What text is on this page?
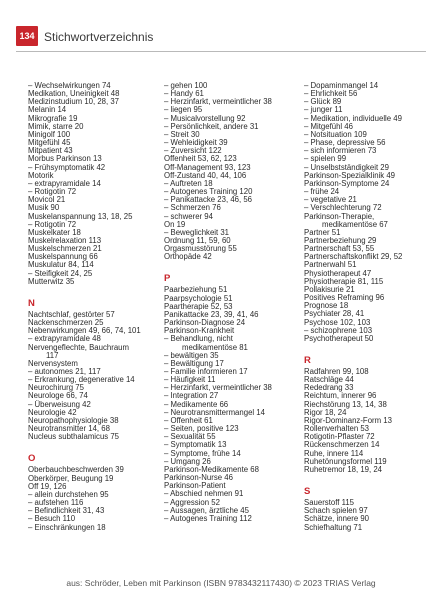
134 Stichwortverzeichnis
– Wechselwirkungen 74
Medikation, Uneinigkeit 48
Medizinstudium 10, 28, 37
Melanin 14
Mikrografie 19
Mimik, starre 20
Minigolf 100
Mitgefühl 45
Mitpatient 43
Morbus Parkinson 13
– Frühsymptomatik 42
Motorik
– extrapyramidale 14
– Rotigotin 72
Movicol 21
Musik 90
Muskelanspannung 13, 18, 25
– Rotigotin 72
Muskelkater 18
Muskelrelaxation 113
Muskelschmerzen 21
Muskelspannung 66
Muskulatur 84, 114
– Steifigkeit 24, 25
Mutterwitz 35
N
Nachtschlaf, gestörter 57
Nackenschmerzen 25
Nebenwirkungen 49, 66, 74, 101
– extrapyramidale 48
Nervengeflechte, Bauchraum
117
Nervensystem
– autonomes 21, 117
– Erkrankung, degenerative 14
Neurochirurg 75
Neurologe 66, 74
– Überweisung 42
Neurologie 42
Neuropathophysiologie 38
Neurotransmitter 14, 68
Nucleus subthalamicus 75
O
Oberbauchbeschwerden 39
Oberkörper, Beugung 19
Off 19, 126
– allein durchstehen 95
– aufstehen 116
– Befindlichkeit 31, 43
– Besuch 110
– Einschränkungen 18
– gehen 100
– Handy 61
– Herzinfarkt, vermeintlicher 38
– liegen 95
– Musicalvorstellung 92
– Persönlichkeit, andere 31
– Streit 30
– Wehleidigkeit 39
– Zuversicht 122
Offenheit 53, 62, 123
Off-Management 93, 123
Off-Zustand 40, 44, 106
– Auftreten 18
– Autogenes Training 120
– Panikattacke 23, 46, 56
– Schmerzen 76
– schwerer 94
On 19
– Beweglichkeit 31
Ordnung 11, 59, 60
Orgasmusstörung 55
Orthopäde 42
P
Paarbeziehung 51
Paarpsychologie 51
Paartherapie 52, 53
Panikattacke 23, 39, 41, 46
Parkinson-Diagnose 24
Parkinson-Krankheit
– Behandlung, nicht
medikamentöse 81
– bewältigen 35
– Bewältigung 17
– Familie informieren 17
– Häufigkeit 11
– Herzinfarkt, vermeintlicher 38
– Integration 27
– Medikamente 66
– Neurotransmittermangel 14
– Offenheit 61
– Seiten, positive 123
– Sexualität 55
– Symptomatik 13
– Symptome, frühe 14
– Umgang 26
Parkinson-Medikamente 68
Parkinson-Nurse 46
Parkinson-Patient
– Abschied nehmen 91
– Aggression 52
– Aussagen, ärztliche 45
– Autogenes Training 112
– Dopaminmangel 14
– Ehrlichkeit 56
– Glück 89
– junger 11
– Medikation, individuelle 49
– Mitgefühl 46
– Notsituation 109
– Phase, depressive 56
– sich informieren 73
– spielen 99
– Unselbstständigkeit 29
Parkinson-Spezialklinik 49
Parkinson-Symptome 24
– frühe 24
– vegetative 21
– Verschlechterung 72
Parkinson-Therapie,
medikamentöse 67
Partner 51
Partnerbeziehung 29
Partnerschaft 53, 55
Partnerschaftskonflikt 29, 52
Partnerwahl 51
Physiotherapeut 47
Physiotherapie 81, 115
Pollakisurie 21
Positives Reframing 96
Prognose 18
Psychiater 28, 41
Psychose 102, 103
– schizophrene 103
Psychotherapeut 50
R
Radfahren 99, 108
Ratschläge 44
Rededrang 33
Reichtum, innerer 96
Riechstörung 13, 14, 38
Rigor 18, 24
Rigor-Dominanz-Form 13
Rollenverhalten 53
Rotigotin-Pflaster 72
Rückenschmerzen 14
Ruhe, innere 114
Ruhetönungsformel 119
Ruhetremor 18, 19, 24
S
Sauerstoff 115
Schach spielen 97
Schätze, innere 90
Schiefhaltung 71
aus: Schröder, Leben mit Parkinson (ISBN 9783432117430) © 2023 TRIAS Verlag
